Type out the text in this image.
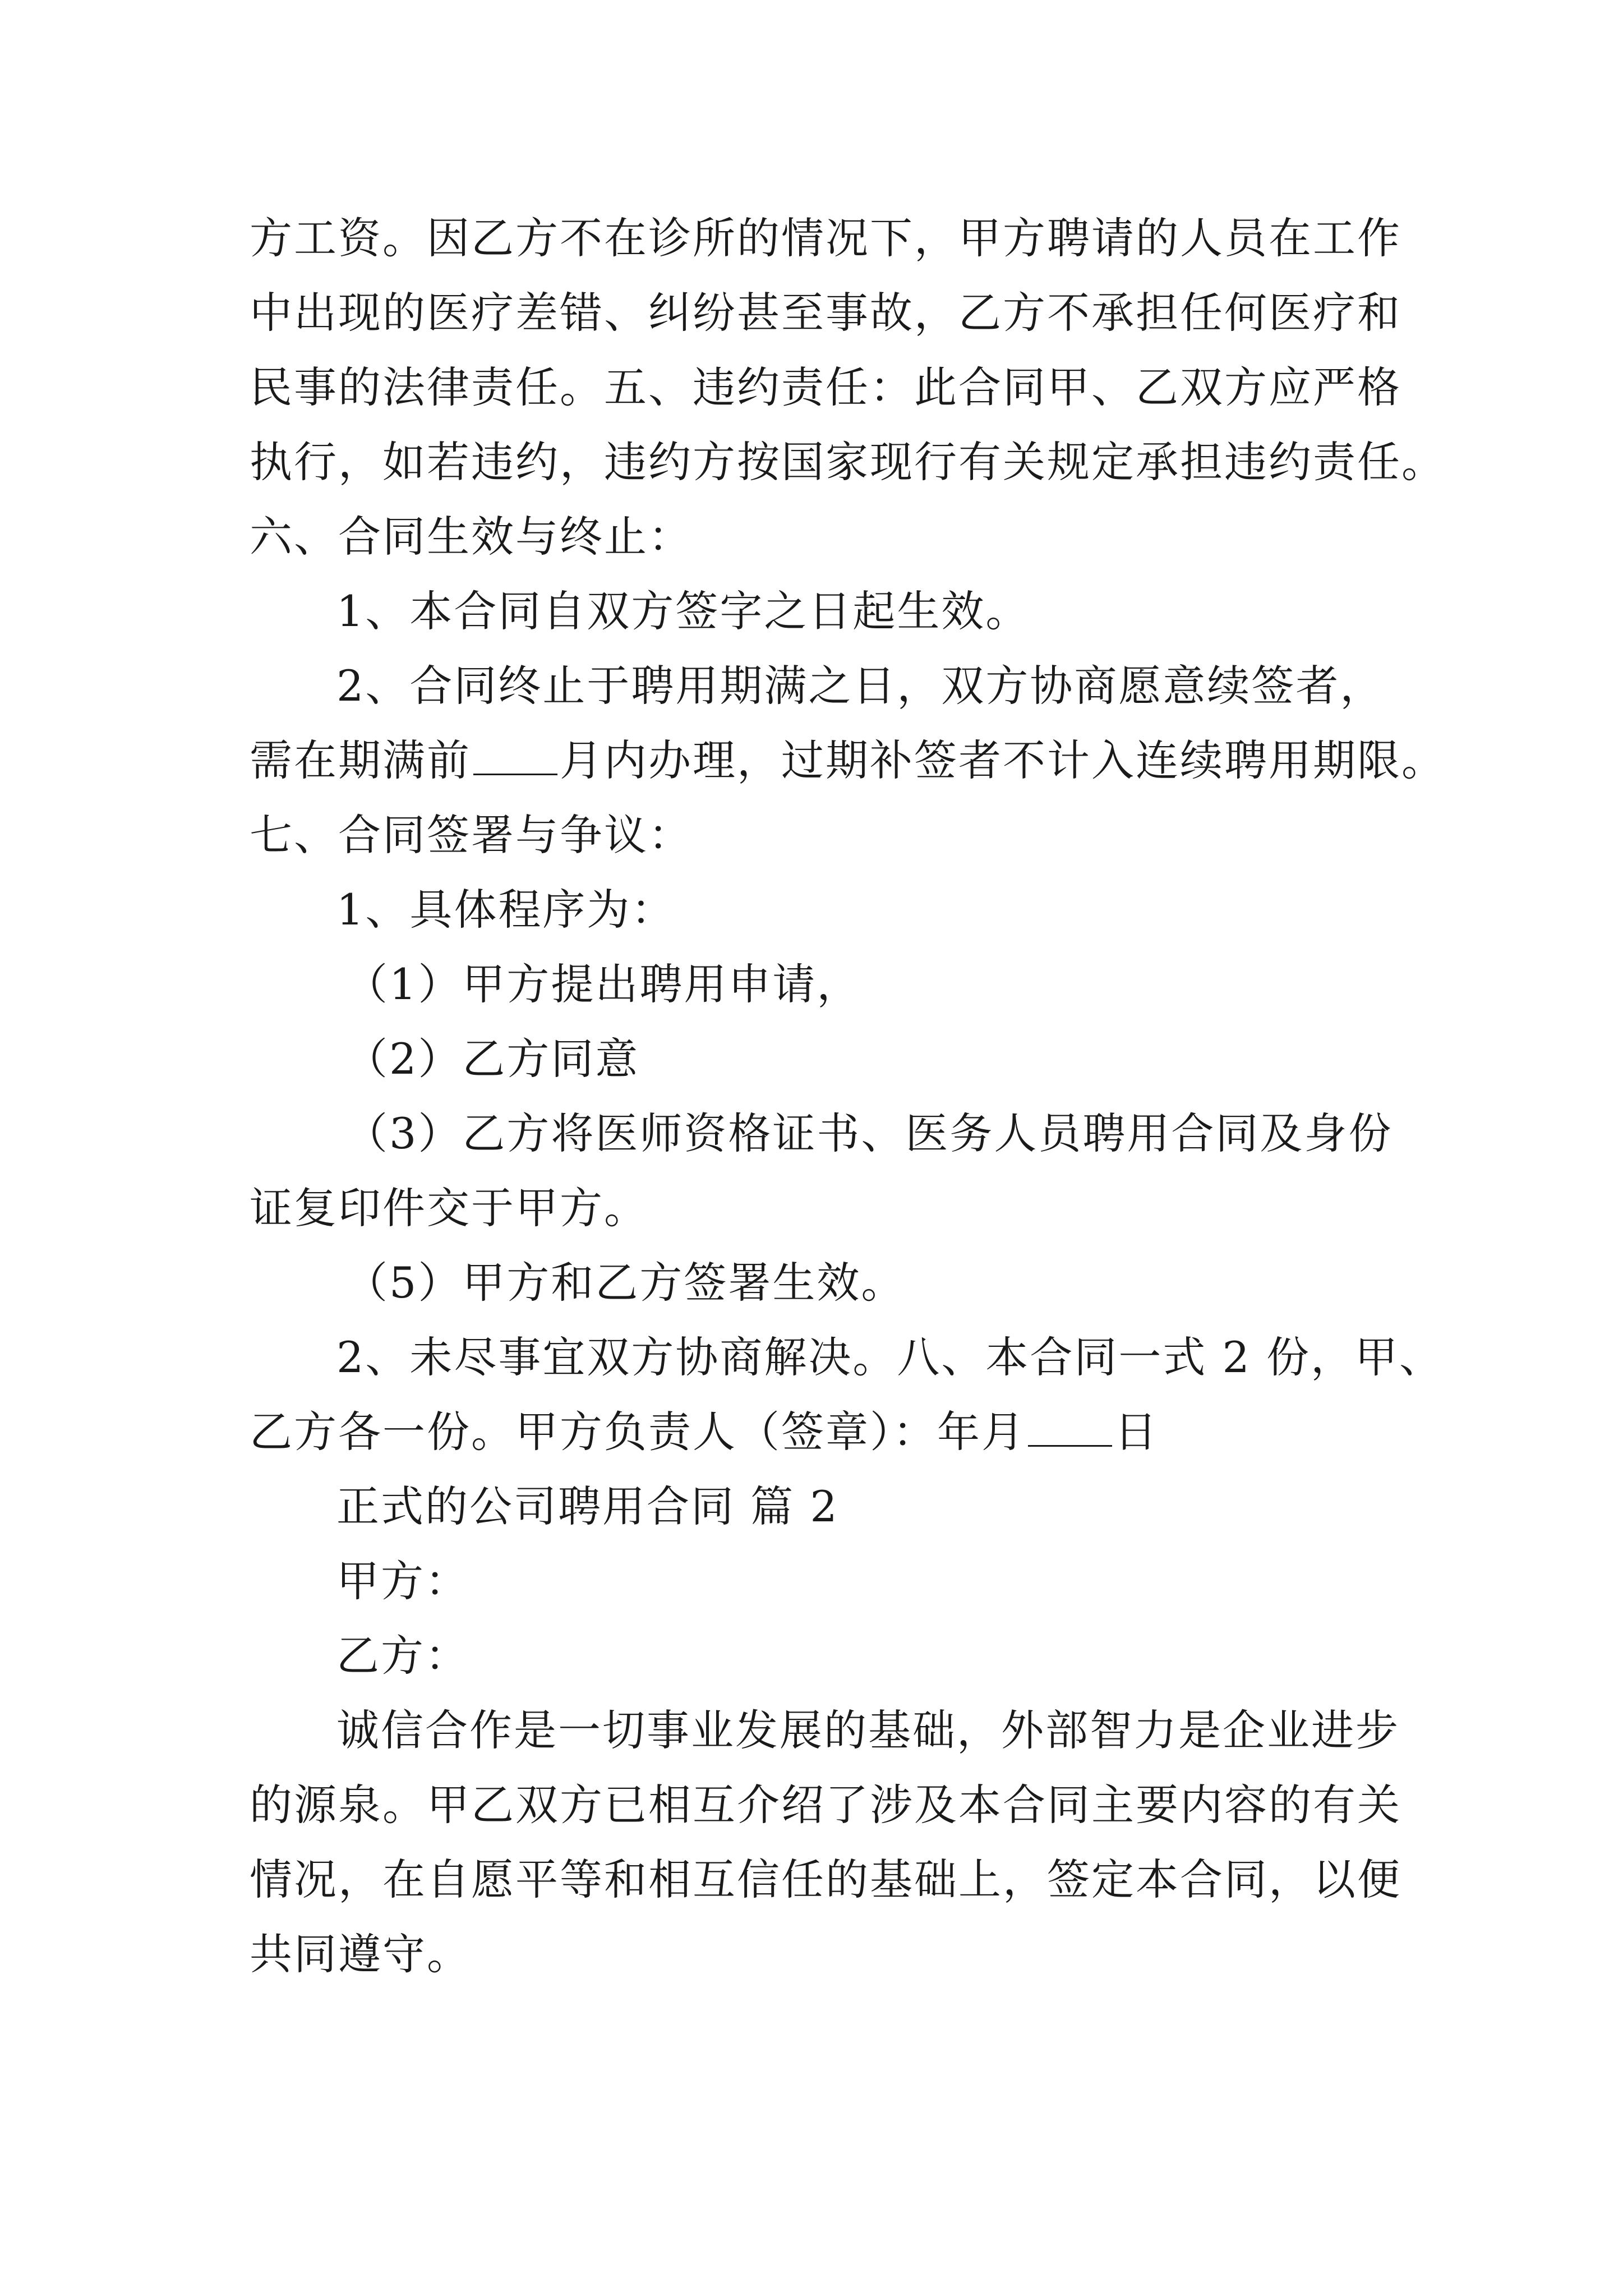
方工资。因乙方不在诊所的情况下，甲方聘请的人员在工作
中出现的医疗差错、纠纷甚至事故，乙方不承担任何医疗和
民事的法律责任。五、违约责任：此合同甲、乙双方应严格
执行，如若违约，违约方按国家现行有关规定承担违约责任。
六、合同生效与终止：
1、本合同自双方签字之日起生效。
2、合同终止于聘用期满之日，双方协商愿意续签者，
需在期满前 月内办理，过期补签者不计入连续聘用期限。
七、合同签署与争议：
1、具体程序为：
（1）甲方提出聘用申请，
（2）乙方同意
（3）乙方将医师资格证书、医务人员聘用合同及身份
证复印件交于甲方。
（5）甲方和乙方签署生效。
2、未尽事宜双方协商解决。八、本合同一式 2 份，甲、
乙方各一份。甲方负责人（签章）：年月 日
正式的公司聘用合同 篇 2
甲方：
乙方：
诚信合作是一切事业发展的基础，外部智力是企业进步
的源泉。甲乙双方已相互介绍了涉及本合同主要内容的有关
情况，在自愿平等和相互信任的基础上，签定本合同，以便
共同遵守。
